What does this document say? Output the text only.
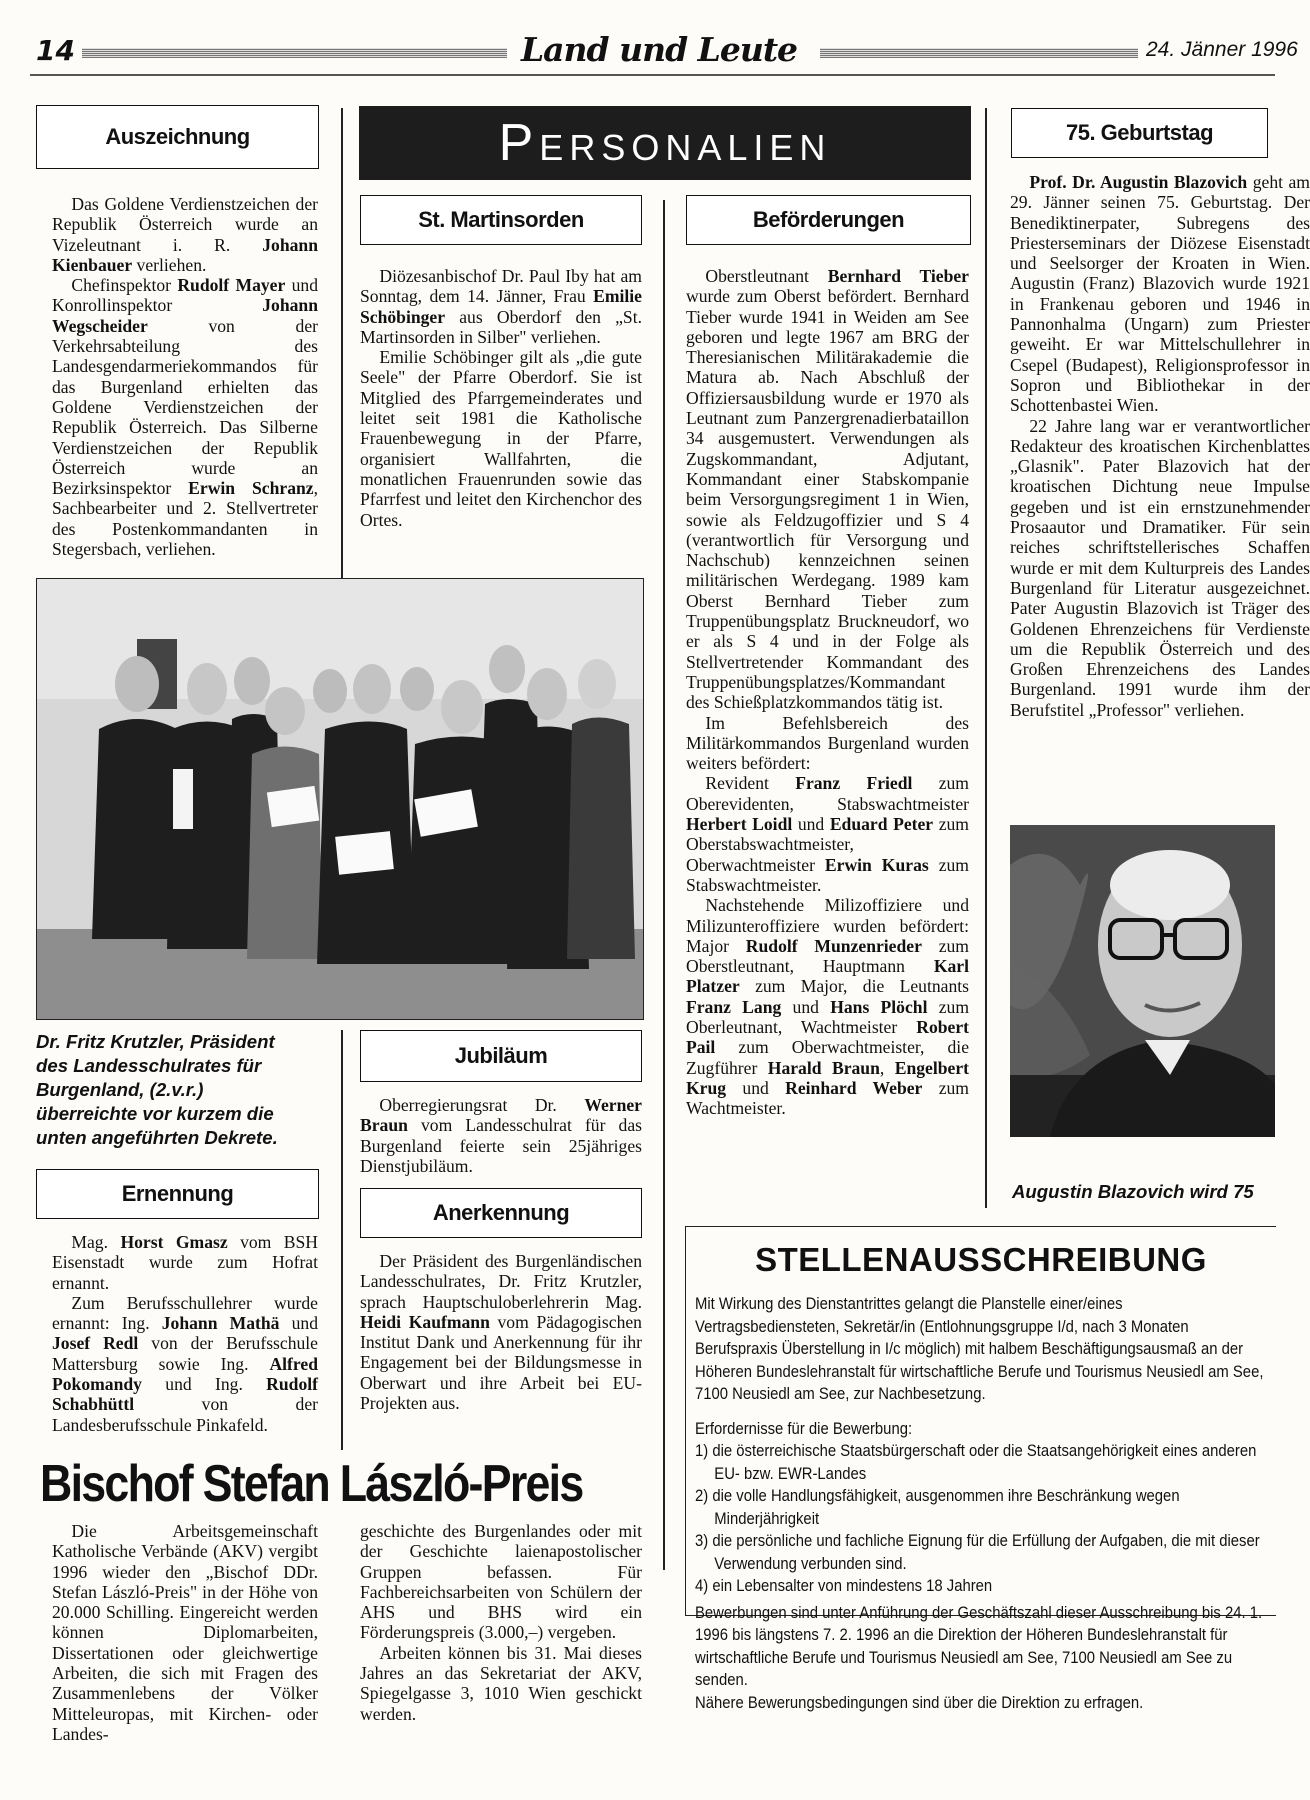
14	Land und Leute	24. Jänner 1996
Personalien
Auszeichnung

Das Goldene Verdienstzeichen der Republik Österreich wurde an Vizeleutnant i. R. Johann Kienbauer verliehen.

Chefinspektor Rudolf Mayer und Konrollinspektor Johann Wegscheider von der Verkehrsabteilung des Landesgendarmeriekommandos für das Burgenland erhielten das Goldene Verdienstzeichen der Republik Österreich. Das Silberne Verdienstzeichen der Republik Österreich wurde an Bezirksinspektor Erwin Schranz, Sachbearbeiter und 2. Stellvertreter des Postenkommandanten in Stegersbach, verliehen.

St. Martinsorden

Diözesanbischof Dr. Paul Iby hat am Sonntag, dem 14. Jänner, Frau Emilie Schöbinger aus Oberdorf den „St. Martinsorden in Silber" verliehen.

Emilie Schöbinger gilt als „die gute Seele" der Pfarre Oberdorf. Sie ist Mitglied des Pfarrgemeinderates und leitet seit 1981 die Katholische Frauenbewegung in der Pfarre, organisiert Wallfahrten, die monatlichen Frauenrunden sowie das Pfarrfest und leitet den Kirchenchor des Ortes.

Beförderungen

Oberstleutnant Bernhard Tieber wurde zum Oberst befördert. Bernhard Tieber wurde 1941 in Weiden am See geboren und legte 1967 am BRG der Theresianischen Militärakademie die Matura ab. Nach Abschluß der Offiziersausbildung wurde er 1970 als Leutnant zum Panzergrenadierbataillon 34 ausgemustert. Verwendungen als Zugskommandant, Adjutant, Kommandant einer Stabskompanie beim Versorgungsregiment 1 in Wien, sowie als Feldzugoffizier und S 4 (verantwortlich für Versorgung und Nachschub) kennzeichnen seinen militärischen Werdegang. 1989 kam Oberst Bernhard Tieber zum Truppenübungsplatz Bruckneudorf, wo er als S 4 und in der Folge als Stellvertretender Kommandant des Truppenübungsplatzes/Kommandant des Schießplatzkommandos tätig ist.

Im Befehlsbereich des Militärkommandos Burgenland wurden weiters befördert:

Revident Franz Friedl zum Oberevidenten, Stabswachtmeister Herbert Loidl und Eduard Peter zum Oberstabswachtmeister, Oberwachtmeister Erwin Kuras zum Stabswachtmeister.

Nachstehende Milizoffiziere und Milizunteroffiziere wurden befördert: Major Rudolf Munzenrieder zum Oberstleutnant, Hauptmann Karl Platzer zum Major, die Leutnants Franz Lang und Hans Plöchl zum Oberleutnant, Wachtmeister Robert Pail zum Oberwachtmeister, die Zugführer Harald Braun, Engelbert Krug und Reinhard Weber zum Wachtmeister.

75. Geburtstag

Prof. Dr. Augustin Blazovich geht am 29. Jänner seinen 75. Geburtstag. Der Benediktinerpater, Subregens des Priesterseminars der Diözese Eisenstadt und Seelsorger der Kroaten in Wien. Augustin (Franz) Blazovich wurde 1921 in Frankenau geboren und 1946 in Pannonhalma (Ungarn) zum Priester geweiht. Er war Mittelschullehrer in Csepel (Budapest), Religionsprofessor in Sopron und Bibliothekar in der Schottenbastei Wien.

22 Jahre lang war er verantwortlicher Redakteur des kroatischen Kirchenblattes „Glasnik". Pater Blazovich hat der kroatischen Dichtung neue Impulse gegeben und ist ein ernstzunehmender Prosaautor und Dramatiker. Für sein reiches schriftstellerisches Schaffen wurde er mit dem Kulturpreis des Landes Burgenland für Literatur ausgezeichnet. Pater Augustin Blazovich ist Träger des Goldenen Ehrenzeichens für Verdienste um die Republik Österreich und des Großen Ehrenzeichens des Landes Burgenland. 1991 wurde ihm der Berufstitel „Professor" verliehen.

Augustin Blazovich wird 75
Dr. Fritz Krutzler, Präsident des Landesschulrates für Burgenland, (2.v.r.) überreichte vor kurzem die unten angeführten Dekrete.
Ernennung

Mag. Horst Gmasz vom BSH Eisenstadt wurde zum Hofrat ernannt.

Zum Berufsschullehrer wurde ernannt: Ing. Johann Mathä und Josef Redl von der Berufsschule Mattersburg sowie Ing. Alfred Pokomandy und Ing. Rudolf Schabhüttl von der Landesberufsschule Pinkafeld.

Jubiläum

Oberregierungsrat Dr. Werner Braun vom Landesschulrat für das Burgenland feierte sein 25jähriges Dienstjubiläum.

Anerkennung

Der Präsident des Burgenländischen Landesschulrates, Dr. Fritz Krutzler, sprach Hauptschuloberlehrerin Mag. Heidi Kaufmann vom Pädagogischen Institut Dank und Anerkennung für ihr Engagement bei der Bildungsmesse in Oberwart und ihre Arbeit bei EU-Projekten aus.

Bischof Stefan László-Preis
Die Arbeitsgemeinschaft Katholische Verbände (AKV) vergibt 1996 wieder den „Bischof DDr. Stefan László-Preis" in der Höhe von 20.000 Schilling. Eingereicht werden können Diplomarbeiten, Dissertationen oder gleichwertige Arbeiten, die sich mit Fragen des Zusammenlebens der Völker Mitteleuropas, mit Kirchen- oder Landes-

geschichte des Burgenlandes oder mit der Geschichte laienapostolischer Gruppen befassen. Für Fachbereichsarbeiten von Schülern der AHS und BHS wird ein Förderungspreis (3.000,–) vergeben.

Arbeiten können bis 31. Mai dieses Jahres an das Sekretariat der AKV, Spiegelgasse 3, 1010 Wien geschickt werden.

STELLENAUSSCHREIBUNG

Mit Wirkung des Dienstantrittes gelangt die Planstelle einer/eines Vertragsbediensteten, Sekretär/in (Entlohnungsgruppe I/d, nach 3 Monaten Berufspraxis Überstellung in I/c möglich) mit halbem Beschäftigungsausmaß an der Höheren Bundeslehranstalt für wirtschaftliche Berufe und Tourismus Neusiedl am See, 7100 Neusiedl am See, zur Nachbesetzung.

Erfordernisse für die Bewerbung:

1) die österreichische Staatsbürgerschaft oder die Staatsangehörigkeit eines anderen EU- bzw. EWR-Landes
2) die volle Handlungsfähigkeit, ausgenommen ihre Beschränkung wegen Minderjährigkeit
3) die persönliche und fachliche Eignung für die Erfüllung der Aufgaben, die mit dieser Verwendung verbunden sind.
4) ein Lebensalter von mindestens 18 Jahren

Bewerbungen sind unter Anführung der Geschäftszahl dieser Ausschreibung bis 24. 1. 1996 bis längstens 7. 2. 1996 an die Direktion der Höheren Bundeslehranstalt für wirtschaftliche Berufe und Tourismus Neusiedl am See, 7100 Neusiedl am See zu senden.

Nähere Bewerungsbedingungen sind über die Direktion zu erfragen.
